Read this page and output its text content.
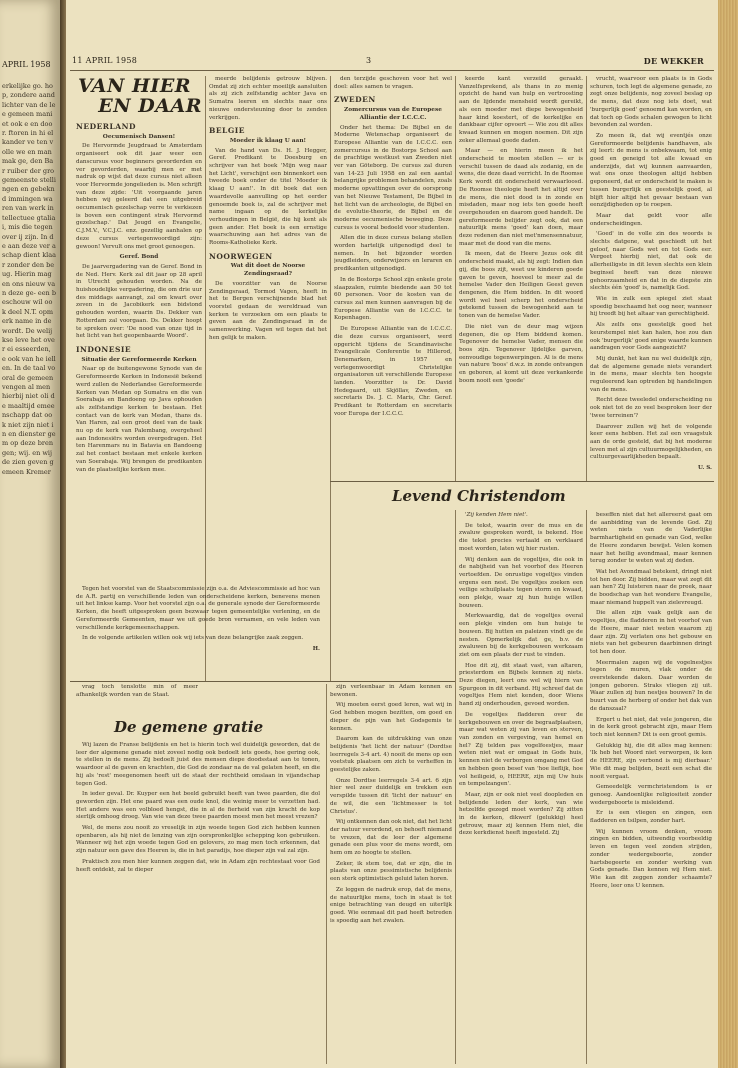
APRIL 1958
erkelijke go. hop, zondere aand lichter van de lee gemeen maniet ook e en door. ftoren in hi elkander ve ten volle we en man mak ge, den Bar ruiber der gro gemeenste stellingen en gebeknd immingen wa ren van werk intellectuee gtaliai, mis die tegenover ij zijn. In de aan deze ver aschap dient klaar zonder den beug. Hierin mag en ons nieuw van deze ge- een beschouw wil ook deel N.T. opmerk name in de wordt. De welijkse leve het over ei esseerden, e ook van he iellen. In de taal vooral de gemeen vengen al men hierbij niet oli de maaltijd emeenschapp dat ook niet zijn niet in en dienster gem op dezе brengen; wij. en wij de zien geven gemeen Kremer
11 APRIL 1958	3	DE WEKKER
VAN HIER
EN DAAR
NEDERLAND
Oecumenisch Dansen!

De Hervormde Jeugdraad te Amsterdam organiseert ook dit jaar weer een danscursus voor beginners gevorderden en ver gevorderden, waarbij men er met nadruk op wijst dat deze cursus niet alleen voor Hervormde jongelieden is. Men schrijft van deze zijde: 'Uit voorgaande jaren hebben wij geleerd dat een uitgebreid oecumenisch gezelschap verre te verkiezen is boven een contingent strak Hervormd gezelschap.' Dat Jeugd en Evangelie, C.J.M.V., V.C.J.C. enz. gezellig aanhalen op deze cursus vertegenwoordigd zijn: gewoon! Vervult ons met groot genoegen.

Geref. Bond

De jaarvergadering van de Geref. Bond in de Ned. Herv. Kerk zal dit jaar op 28 april in Utrecht gehouden worden. Na de huishoudelijke vergadering, die om drie uur des middags aanvangt, zal om kwart over zeven in de Jacobikerk een bidstond gehouden worden, waarin Ds. Dekker van Rotterdam zal voorgaan. Ds. Dekker hoopt te spreken over: 'De nood van onze tijd in het licht van het geopenbaarde Woord'.

INDONESIE
Situatie der Gereformeerde Kerken

Naar op de buitengewone Synode van de Gereformeerde Kerken in Indonesië bekend werd zullen de Nederlandse Gereformeerde Kerken van Medan op Sumatra en die van Soerabaja en Bandoeng op Java ophouden als zelfstandige kerken te bestaan. Het contact van de kerk van Medan, thans ds. Van Haren, zal een groot deel van de taak nu op de kerk van Palembang, overgeheel aan Indonesiërs worden overgedragen. Het ten Harenmars nu in Batavia en Bandoeng zal het contact bestaan met enkele kerken van Soerabaja. Wij brengen de predikanten van de plaatselijke kerken mee.

meerde belijdenis getrouw blijven. Omdat zij zich echter moeilijk aansluiten als zij zich zelfstandig achter Java en Sumatra leeren en slechts naar ons nieuwe ondersteuning door te zenden verkrijgen.

BELGIE
Moeder ik klaag U aan!

Van de hand van Ds. H. J. Hegger, Geref. Predikant te Doesburg en schrijver van het boek 'Mijn weg naar het Licht', verschijnt een binnenkort een tweede boek onder de titel 'Moeder ik klaag U aan!'. In dit boek dat een waardevolle aanvulling op het eerder genoemde boek is, zal de schrijver met name ingaan op de kerkelijke verhoudingen in België, die hij kent als geen ander. Het boek is een ernstige waarschuwing aan het adres van de Rooms-Katholieke Kerk.

NOORWEGEN
Wat dit doet de Noorse Zendingsraad?

De voorzitter van de Noorse Zendingsraad, Tormod Vagen, heeft in het te Bergen verschijnende blad het voorstel gedaan de wereldraad van kerken te verzoeken om een plaats te geven aan de Zendingsraad in de samenwerking. Vagen wil tegen dat het hen gelijk te maken.

den terzijde geschoven voor het wel doel: alles samen te vragen.

ZWEDEN
Zomercursus van de Europese Alliantie der I.C.C.C.

Onder het thema: De Bijbel en de Moderne Wetenschap organiseert de Europese Alliantie van de I.C.C.C. een zomercursus in de Bostorps School aan de prachtige westkust van Zweden niet ver van Göteborg. De cursus zal duren van 14-23 Juli 1958 en zal een aantal belangrijke problemen behandelen, zoals moderne opvattingen over de oorsprong van het Nieuwe Testament, De Bijbel in het licht van de archeologie, de Bijbel en de evolutie-theorie, de Bijbel en de moderne oecumenische beweging. Deze cursus is vooral bedoeld voor studenten.

Allen die in deze cursus belang stellen worden hartelijk uitgenodigd deel te nemen. In het bijzonder worden jeugdleiders, onderwijzers en leraren en predikanten uitgenodigd.

In de Bostorps School zijn enkele grote slaapzalen, ruimte biedende aan 50 tot 60 personen. Voor de kosten van de cursus zal men kunnen aanvragen bij de Europese Alliantie van de I.C.C.C. te Kopenhagen.

De Europese Alliantie van de I.C.C.C. die deze cursus organiseert, werd opgericht tijdens de Scandinavische Evangelicale Conferentie te Hillerod, Denemarken, in 1957 en vertegenwoordigt Christelijke organisatoren uit verschillende Europese landen. Voorzitter is Dr. David Hedegaard, uit Skjöllav, Zweden, en secretaris Ds. J. C. Maris, Chr. Geref. Predikant te Rotterdam en secretaris voor Europa der I.C.C.C.

keerde kant verzeild geraakt. Vanzelfsprekend, als thans in zo menig opzicht de hand van hulp en vertroosting aan de lijdende mensheid wordt gereikt, als een moeder met diepe bewogenheid haar kind koestert, of de kerkelijke en dankbaar cijfer opvoert — Wie zou dit alles kwaad kunnen en mogen noemen. Dit zijn zeker allemaal goede daden.

Maar — en hierin meen ik het onderscheid te moeten stellen — er is verschil tussen de daad als zodanig, en de wens, die deze daad verricht. In de Roomse Kerk wordt dit onderscheid verwaarloosd. De Roomse theologie heeft het altijd over de mens, die niet dood is in zonde en misdaden, maar nog iets ten goede heeft overgehouden en daarom goed handelt. De gereformeerde belijder zegt ook, dat een natuurlijk mens 'goed' kan doen, maar deze redenen dan niet met'nmensennatuur, maar met de dood van die mens.

Ik meen, dat de Heere Jezus ook dit onderscheid maakt, als hij zegt: Indien dan gij, die boos zijt, weet uw kinderen goede gaven te geven, hoeveel te meer zal de hemelse Vader den Heiligen Geest geven dengenen, die Hem bidden. In dit woord wordt wel heel scherp het onderscheid getekend tussen de bewogenheid aan te tonen van de hemelse Vader.

Die niet van de deur mag wijzen degenen, die op Hem biddend komen. Tegenover de hemelse Vader, mensen die boos zijn. Tegenover lijdelijke garven, eenvoudige tegenwerpingen. Al is de mens van nature 'boos' d.w.z. in zonde ontvangen en geboren, al komt uit deze verkankerde boom nooit een 'goede'

vrucht, waarvoor een plaats is in Gods schuren, toch legt de algemene genade, zo zegt onze belijdenis, nog zoveel beslag op de mens, dat deze nog iets doet, wat 'burgerlijk goed' genoemd kan worden, en dat toch op Gods schalen gewogen te licht bevonden zal worden.

Zo meen ik, dat wij eventjés onze Gereformeerde belijdenis handhaven, als zij leert: de mens is onbekwaam, tot enig goed en geneigd tot alle kwaad en anderzijds, dat wij kunnen aanvaarden, wat ons onze theologen altijd hebben geponeerd, dat er onderscheid te maken is tussen burgerlijk en geestelijk goed, al blijft hier altijd het gevaar bestaan van eenzijdigheden op te roepen.

Maar dat geldt voor alle onderscheidingen.

'Goed' in de volle zin des woords is slechts datgene, wat geschiedt uit het geloof, naar Gods wet en tot Gods eer. Vergeet hierbij niet, dat ook de allerheiligste in dit leven slechts een klein beginsel heeft van deze nieuwe gehoorzaamheid en dat in de diepste zin slechts één 'goed' is, namelijk God.

Wie in zulk een spiegel ziet staat spoedig beschaamd het oog neer, wanneer hij treedt bij het altaar van gerechtigheid.

Als zelfs ons geestelijk goed het keurstempel niet kan halen, hoe zou dan ook 'burgerlijk' goed enige waarde kunnen aandragen voor Gods aangezicht?

Mij dunkt, het kan nu wel duidelijk zijn, dat de algemene genade niets verandert in de mens, maar slechts ten hoogste reguleerend kan optreden bij handelingen van de mens.

Recht deze tweeledel onderscheiding nu ook niet tot de zo veel besproken leer der 'twee terreinen'?

Daarover zullen wij het de volgende keer eens hebben. Het zal een vraagstuk aan de orde gesteld, dat bij het moderne leven met al zijn cultuurmogelijkheden, en cultuurgevaarlijkheden bepaalt.

U. S.

Levend Christendom

vrag toch tenslotte min of meer afhankelijk worden van de Staat.

Tegen het voorstel van de Staatscommissie zijn o.a. de Adviescommissie ad hoc van de A.R. partij en verschillende leden van onderscheidene kerken, benevens menen uit het linkse kamp. Voor het voorstel zijn o.a. de generale synode der Gereformeerde Kerken, die heeft uitgesproken geen bezwaar tegen gemeentelijke verlening, en de Gereformeerde Gemeenten, maar we uit goede bron vernamen, en vele leden van verschillende kerkgemeenschappen.

In de volgende artikelen willen ook wij iets van deze belangrijke zaak zeggen.

H.

De gemene gratie

Wij lazen de Franse belijdenis en het is hierin toch wel duidelijk geworden, dat de leer der algemene genade niet zoveel nodig ook bedoelt iets goeds, hoe gering ook, te stellen in de mens. Zij bedoelt juist des mensen diepe doodsstaat aan te tonen, waardoor al de gaven en krachten, die God de zondaar na de val gelaten heeft, en die hij als 'rest' meegenomen heeft uit de staat der rechtheid omslaan in vijandschap tegen God.

In ieder geval. Dr. Kuyper een het beeld gebruikt heeft van twee paarden, die dol geworden zijn. Het ene paard was een oude knol, die weinig meer te verzetten had. Het andere was een volbloed hengst, die in al de fierheid van zijn kracht de kop sierlijk omhoog droeg. Van wie van deze twee paarden moest men het meest vrezen?

Wel, de mens zou nooit zo vreselijk in zijn woede tegen God zich hebben kunnen openbaren, als hij niet de lenzing van zijn oorspronkelijke schepping kon gebruiken. Wanneer wij het zijn woede tegen God en gelovers, zo mag men toch erkennen, dat zijn natuur een gave des Heeren is, die in het paradijs, hoe dieper zijn val zal zijn.

Praktisch zou men hier kunnen zeggen dat, wie in Adam zijn rechtestaat voor God heeft ontdekt, zal te dieper

zijn verleenbaar in Adam kennen en bewonen.

Wij moeten eerst goed leren, wat wij in God hebben mogen bezitten, om goed en dieper de pijn van het Godsgemis te kennen.

Daarom kan de uitdrukking van onze belijdenis 'het licht der natuur' (Dordtse leerregels 3-4 art. 4) nooit de mens op een voetstuk plaatsen om zich te verheffen in geestelijke zaken.

Onze Dordtse leerregels 3-4 art. 6 zijn hier wel zeer duidelijk en trekken een verspilde tussen dit 'licht der natuur' en de wil, die een 'lichtmesser is tot Christus'.

Wij ontkennen dan ook niet, dat het licht der natuur verordend, en behoeft niemand te vrezen, dat de leer der algemene genade een plus voor de mens wordt, om hem om zo hoogte te stellen.

Zeker, ik stem toe, dat er zijn, die in plaats van onze pessimistische belijdenis een sterk optimistisch geluid laten horen.

Ze leggen de nadruk erop, dat de mens, de natuurlijke mens, toch in staat is tot enige betrachting van deugd en uiterlijk goed. Wie eenmaal dit pad heeft betreden is spoedig aan het zwalen.

'Zij kenden Hem niet'.

De tekst, waarin over de mus en de zwaluw gesproken wordt, is bekend. Hoe die tekst precies vertaald en verklaard moet worden, laten wij hier rusten.

Wij denken aan de vogeltjes, die ook in de nabijheid van het voorhof des Heeren vertoefden. De onrustige vogeltjes vinden ergens een nest. De vogeltjes zoeken een veilige schuilplaats tegen storm en kwaad, een plekje, waar zij hun huisje willen bouwen.

Merkwaardig, dat de vogeltjes overal een plekje vinden om hun huisje te bouwen. Bij hutten en paleizen vindt ge de nesten. Opmerkelijk dat ge, b.v. de zwaluwen bij de kerkgebouwen werkzaam ziet om een plaats der rust te vinden.

Hoe dit zij, dit staat vast, van altaren, priesterdom en Bijbels kennen zij niets. Deze diegen, leert ons wel wij hiern van Spurgeon in dit verband. Hij schreef dat de vogeltjes Hem niet kenden, door Wiens hand zij onderhouden, gevoed worden.

De vogeltjes fladderen over de kerkgebouwen en over de begraafplaatsen, maar wat weten zij van leven en sterven, van zonden en vergeving, van hemel en hel? Zij telden pas vogelfeestjes, maar weten niet wat er omgaat in Gods huis, kennen niet de verborgen omgang met God en hebben geen besef van 'hoe lieflijk, hoe vol heiligeid, o, HEERE, zijn mij Uw huis en tempelzangen'.

Maar, zijn er ook niet veel doopleden en belijdende leden der kerk, van wie hetzelfde gezegd moet worden? Zij zitten in de kerken, dikwerf (gelukkig) heel getrouw, maar zij kennen Hem niet, die deze kerkdienst heeft ingesteld. Zij

beseffen niet dat het allereerst gaat om de aanbidding van de levende God. Zij weten niets van de Vaderlijke barmhartigheid en genade van God, welke de Heere zondaren bewijst. Velen komen naar het heilig avondmaal, maar kennen terug zonder te weten wat zij deden.

Wat het Avondmaal betekent, dringt niet tot hen door. Zij bidden, maar wat zegt dit aan hen? Zij luisteren naar de preek, naar de boodschap van het wondere Evangelie, maar niemand huppelt van zielevreugd.

Die allen zijn vaak gelijk aan de vogeltjes, die fladderen in het voorhof van de Heere, maar niet weten waarom zij daar zijn. Zij verlaten ons het gebouw en niets van het gebeuren daarbinnen dringt tot hen door.

Meermalen zagen wij de vogelnestjes tegen de muren, vlak onder de overstekende daken. Daar worden de jongen geboren. Straks vliegen zij uit. Waar zullen zij hun nestjes bouwen? In de buurt van de herberg of onder het dak van de danszaal?

Ergert u het niet, dat vele jongeren, die in de kerk groot gebracht zijn, maar Hem toch niet kennen? Dit is een groot gemis.

Gelukkig hij, die dit alles mag kennen: 'Ik heb het Woord niet verworpen, ik ken de HEERE, zijn verbond is mij dierbaar.' Wie dit mag belijden, bezit een schat die nooit vergaat.

Gemeedelijk vermchristendom is er genoeg. Aandoenlijke religiositeit zonder wedergeboorte is misleidend.

Er is een vliegen en zingen, een fladderen en tsilpen, zonder hart.

Wij kunnen vroom denken, vroom zingen en bidden, uitwendig voorbeeldig leven en tegen veel zonden strijden, zonder wedergeboorte, zonder hartsbegeerte en zonder werking van Gods genade. Dan kennen wij Hem niet. Wie kan dit zeggen zonder schaamte? Heere, leer ons U kennen.
